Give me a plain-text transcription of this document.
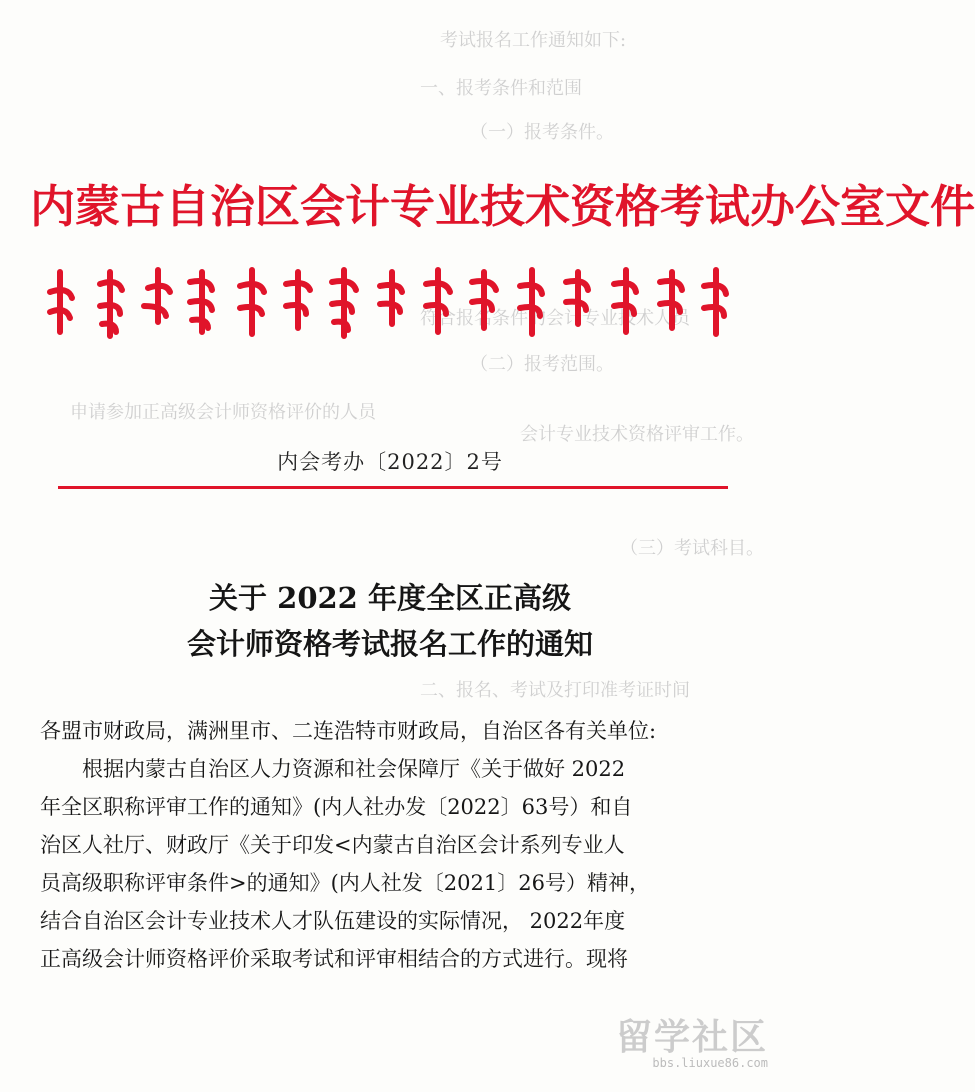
考试报名工作通知如下:
一、报考条件和范围
（一）报考条件。
符合报名条件的会计专业技术人员
（二）报考范围。
申请参加正高级会计师资格评价的人员
会计专业技术资格评审工作。
（三）考试科目。
二、报名、考试及打印准考证时间
内蒙古自治区会计专业技术资格考试办公室文件
内会考办〔2022〕2号
关于 2022 年度全区正高级
会计师资格考试报名工作的通知

各盟市财政局，满洲里市、二连浩特市财政局，自治区各有关单位:

根据内蒙古自治区人力资源和社会保障厅《关于做好 2022

年全区职称评审工作的通知》(内人社办发〔2022〕63号）和自

治区人社厅、财政厅《关于印发<内蒙古自治区会计系列专业人

员高级职称评审条件>的通知》(内人社发〔2021〕26号）精神，

结合自治区会计专业技术人才队伍建设的实际情况， 2022年度

正高级会计师资格评价采取考试和评审相结合的方式进行。现将

留学社区
bbs.liuxue86.com
